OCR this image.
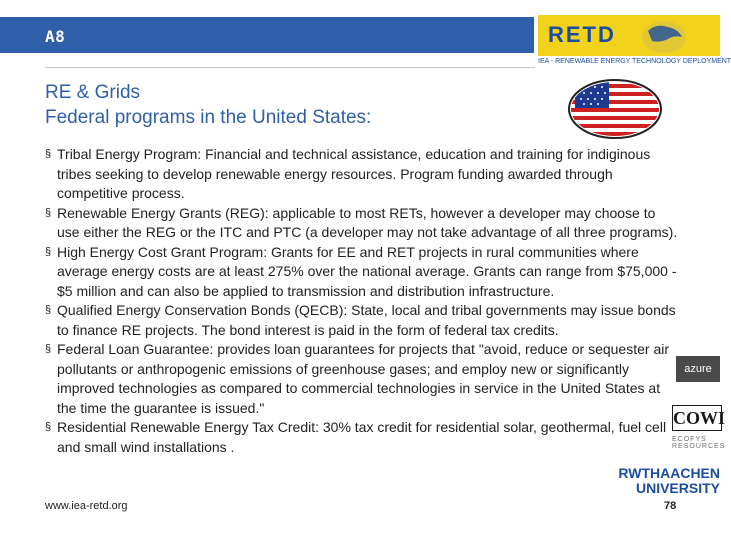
A8	RETD
IEA - RENEWABLE ENERGY TECHNOLOGY DEPLOYMENT
RE & Grids
Federal programs in the United States:
§ Tribal Energy Program: Financial and technical assistance, education and training for indiginous tribes seeking to develop renewable energy resources. Program funding awarded through competitive process.
§ Renewable Energy Grants (REG): applicable to most RETs, however a developer may choose to use either the REG or the ITC and PTC (a developer may not take advantage of all three programs).
§ High Energy Cost Grant Program: Grants for EE and RET projects in rural communities where average energy costs are at least 275% over the national average. Grants can range from $75,000 - $5 million and can also be applied to transmission and distribution infrastructure.
§ Qualified Energy Conservation Bonds (QECB): State, local and tribal governments may issue bonds to finance RE projects. The bond interest is paid in the form of federal tax credits.
§ Federal Loan Guarantee: provides loan guarantees for projects that "avoid, reduce or sequester air pollutants or anthropogenic emissions of greenhouse gases; and employ new or significantly improved technologies as compared to commercial technologies in service in the United States at the time the guarantee is issued."
§ Residential Renewable Energy Tax Credit: 30% tax credit for residential solar, geothermal, fuel cell and small wind installations .
azure
COWI
ECOFYS RESOURCES
RWTHAACHEN
UNIVERSITY
www.iea-retd.org	78
